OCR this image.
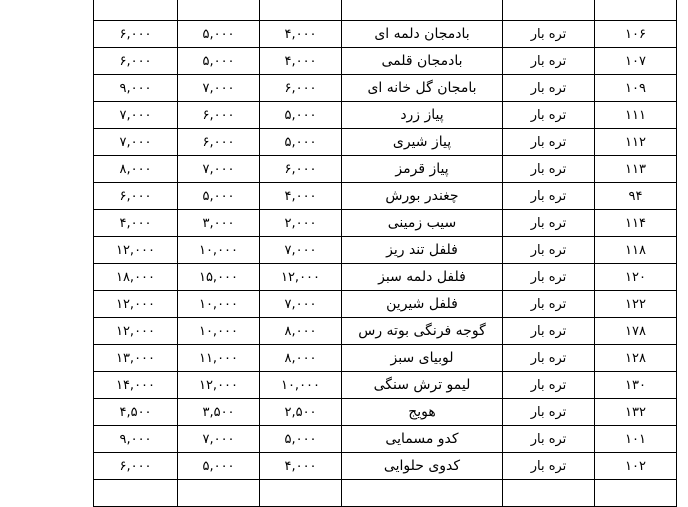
۱۰۶	تره بار	بادمجان دلمه ای	۴,۰۰۰	۵,۰۰۰	۶,۰۰۰
۱۰۷	تره بار	بادمجان قلمی	۴,۰۰۰	۵,۰۰۰	۶,۰۰۰
۱۰۹	تره بار	بامجان گل خانه ای	۶,۰۰۰	۷,۰۰۰	۹,۰۰۰
۱۱۱	تره بار	پیاز زرد	۵,۰۰۰	۶,۰۰۰	۷,۰۰۰
۱۱۲	تره بار	پیاز شیری	۵,۰۰۰	۶,۰۰۰	۷,۰۰۰
۱۱۳	تره بار	پیاز قرمز	۶,۰۰۰	۷,۰۰۰	۸,۰۰۰
۹۴	تره بار	چغندر بورش	۴,۰۰۰	۵,۰۰۰	۶,۰۰۰
۱۱۴	تره بار	سیب زمینی	۲,۰۰۰	۳,۰۰۰	۴,۰۰۰
۱۱۸	تره بار	فلفل تند ریز	۷,۰۰۰	۱۰,۰۰۰	۱۲,۰۰۰
۱۲۰	تره بار	فلفل دلمه سبز	۱۲,۰۰۰	۱۵,۰۰۰	۱۸,۰۰۰
۱۲۲	تره بار	فلفل شیرین	۷,۰۰۰	۱۰,۰۰۰	۱۲,۰۰۰
۱۷۸	تره بار	گوجه فرنگی بوته رس	۸,۰۰۰	۱۰,۰۰۰	۱۲,۰۰۰
۱۲۸	تره بار	لوبیای سبز	۸,۰۰۰	۱۱,۰۰۰	۱۳,۰۰۰
۱۳۰	تره بار	لیمو ترش سنگی	۱۰,۰۰۰	۱۲,۰۰۰	۱۴,۰۰۰
۱۳۲	تره بار	هویج	۲,۵۰۰	۳,۵۰۰	۴,۵۰۰
۱۰۱	تره بار	کدو مسمایی	۵,۰۰۰	۷,۰۰۰	۹,۰۰۰
۱۰۲	تره بار	کدوی حلوایی	۴,۰۰۰	۵,۰۰۰	۶,۰۰۰
